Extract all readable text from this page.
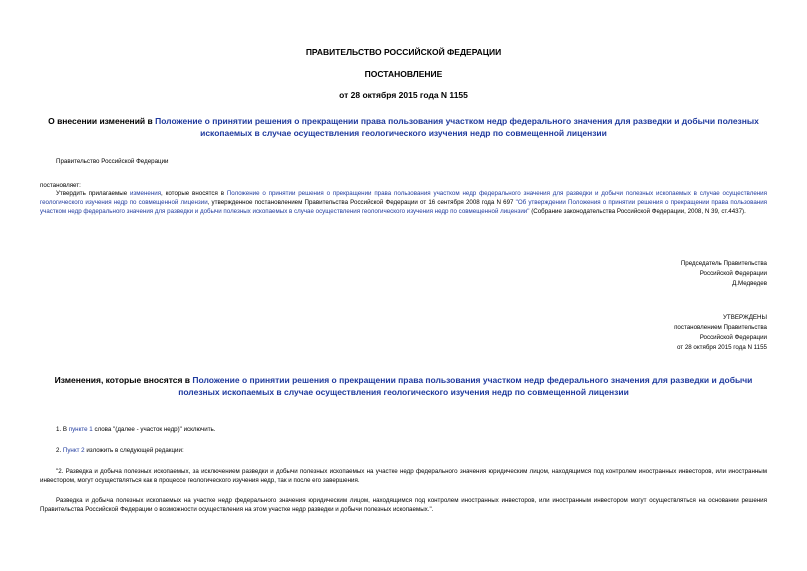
ПРАВИТЕЛЬСТВО РОССИЙСКОЙ ФЕДЕРАЦИИ
ПОСТАНОВЛЕНИЕ
от 28 октября 2015 года N 1155
О внесении изменений в Положение о принятии решения о прекращении права пользования участком недр федерального значения для разведки и добычи полезных ископаемых в случае осуществления геологического изучения недр по совмещенной лицензии
Правительство Российской Федерации
постановляет:
Утвердить прилагаемые изменения, которые вносятся в Положение о принятии решения о прекращении права пользования участком недр федерального значения для разведки и добычи полезных ископаемых в случае осуществления геологического изучения недр по совмещенной лицензии, утвержденное постановлением Правительства Российской Федерации от 16 сентября 2008 года N 697 "Об утверждении Положения о принятии решения о прекращении права пользования участком недр федерального значения для разведки и добычи полезных ископаемых в случае осуществления геологического изучения недр по совмещенной лицензии" (Собрание законодательства Российской Федерации, 2008, N 39, ст.4437).
Председатель Правительства
Российской Федерации
Д.Медведев
УТВЕРЖДЕНЫ
постановлением Правительства
Российской Федерации
от 28 октября 2015 года N 1155
Изменения, которые вносятся в Положение о принятии решения о прекращении права пользования участком недр федерального значения для разведки и добычи полезных ископаемых в случае осуществления геологического изучения недр по совмещенной лицензии
1. В пункте 1 слова "(далее - участок недр)" исключить.
2. Пункт 2 изложить в следующей редакции:
"2. Разведка и добыча полезных ископаемых, за исключением разведки и добычи полезных ископаемых на участке недр федерального значения юридическим лицом, находящимся под контролем иностранных инвесторов, или иностранным инвестором, могут осуществляться как в процессе геологического изучения недр, так и после его завершения.
Разведка и добыча полезных ископаемых на участке недр федерального значения юридическим лицом, находящимся под контролем иностранных инвесторов, или иностранным инвестором могут осуществляться на основании решения Правительства Российской Федерации о возможности осуществления на этом участке недр разведки и добычи полезных ископаемых.".
